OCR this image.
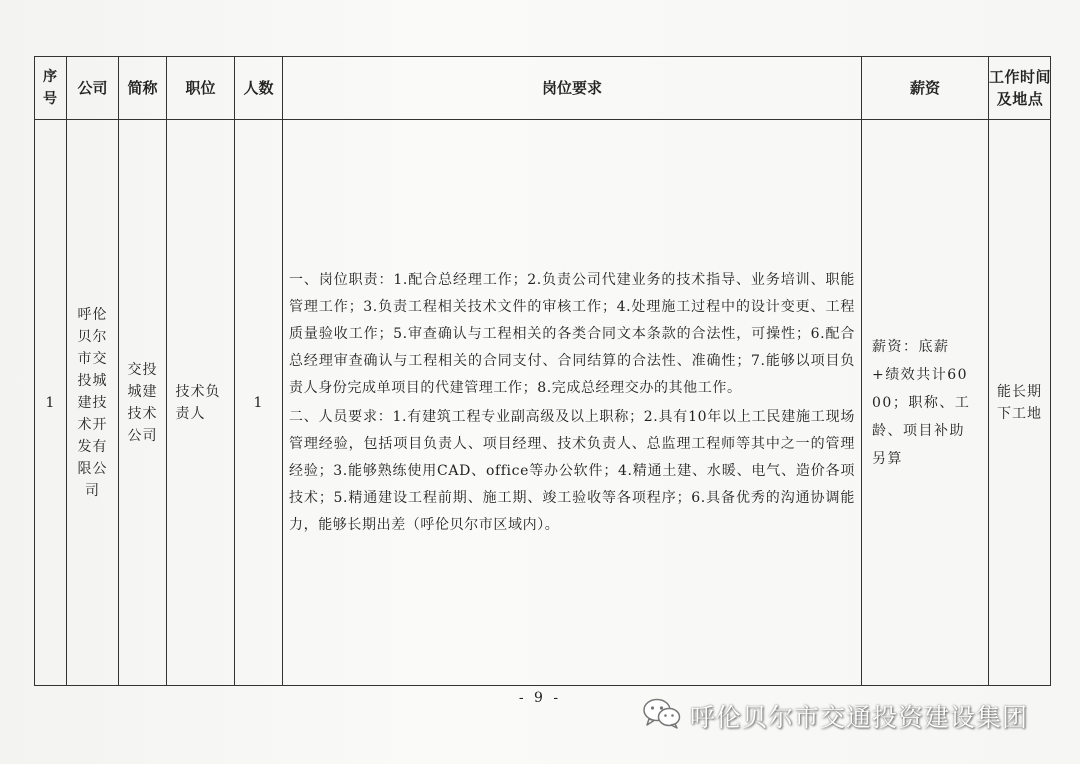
序号	公司	简称	职位	人数	岗位要求	薪资	工作时间及地点
1	呼伦贝尔市交投城建技术开发有限公司	交投城建技术公司	技术负责人	1	一、岗位职责：1.配合总经理工作；2.负责公司代建业务的技术指导、业务培训、职能管理工作；3.负责工程相关技术文件的审核工作；4.处理施工过程中的设计变更、工程质量验收工作；5.审查确认与工程相关的各类合同文本条款的合法性，可操性；6.配合总经理审查确认与工程相关的合同支付、合同结算的合法性、准确性；7.能够以项目负责人身份完成单项目的代建管理工作；8.完成总经理交办的其他工作。

二、人员要求：1.有建筑工程专业副高级及以上职称；2.具有10年以上工民建施工现场管理经验，包括项目负责人、项目经理、技术负责人、总监理工程师等其中之一的管理经验；3.能够熟练使用CAD、office等办公软件；4.精通土建、水暖、电气、造价各项技术；5.精通建设工程前期、施工期、竣工验收等各项程序；6.具备优秀的沟通协调能力，能够长期出差（呼伦贝尔市区域内）。	薪资：底薪+绩效共计6000；职称、工龄、项目补助另算	能长期下工地
- 9 -
呼伦贝尔市交通投资建设集团
